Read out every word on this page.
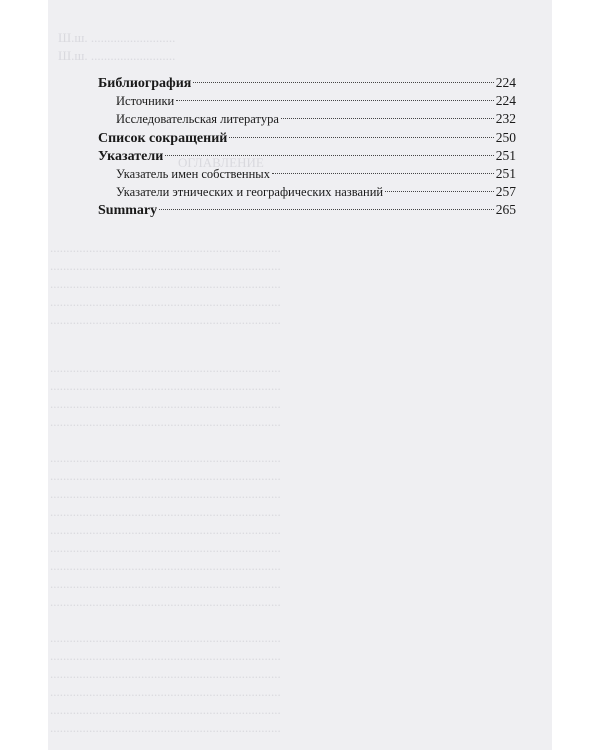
Ш.ш. ..........................
Ш.ш. ..........................
ОГЛАВЛЕНИЕ
.......................................................................
.......................................................................
.......................................................................
.......................................................................
.......................................................................
.......................................................................
.......................................................................
.......................................................................
.......................................................................
.......................................................................
.......................................................................
.......................................................................
.......................................................................
.......................................................................
.......................................................................
.......................................................................
.......................................................................
.......................................................................
.......................................................................
.......................................................................
.......................................................................
.......................................................................
.......................................................................
.......................................................................
Библиография	224
Источники	224
Исследовательская литература	232
Список сокращений	250
Указатели	251
Указатель имен собственных	251
Указатели этнических и географических названий	257
Summary	265
